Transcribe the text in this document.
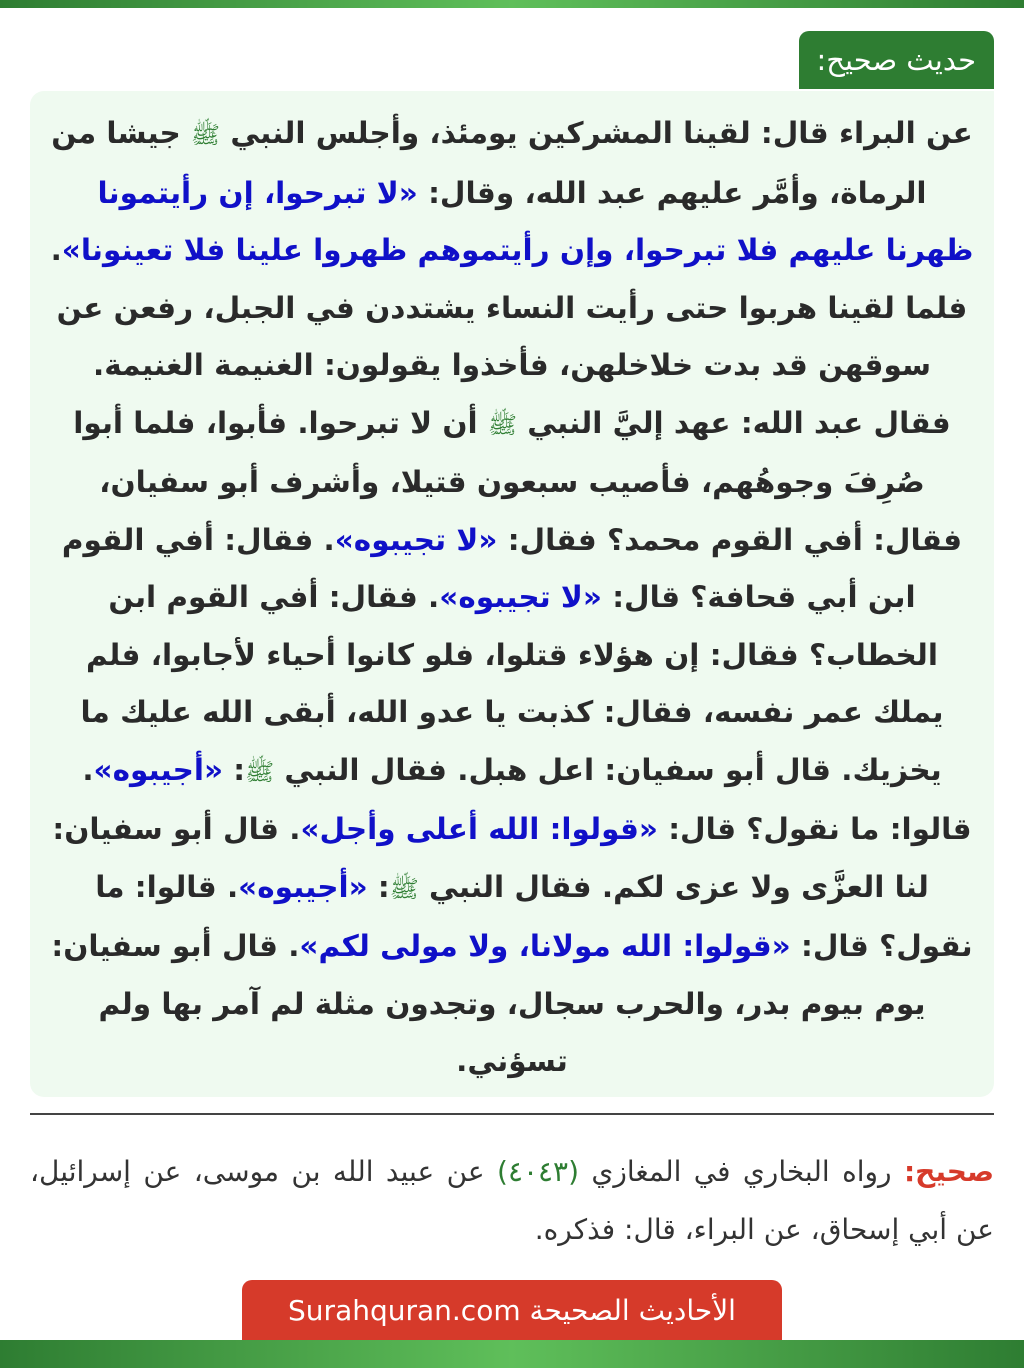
حديث صحيح:

عن البراء قال: لقينا المشركين يومئذ، وأجلس النبي ﷺ جيشا من الرماة، وأمَّر عليهم عبد الله، وقال: «لا تبرحوا، إن رأيتمونا ظهرنا عليهم فلا تبرحوا، وإن رأيتموهم ظهروا علينا فلا تعينونا». فلما لقينا هربوا حتى رأيت النساء يشتددن في الجبل، رفعن عن سوقهن قد بدت خلاخلهن، فأخذوا يقولون: الغنيمة الغنيمة. فقال عبد الله: عهد إليَّ النبي ﷺ أن لا تبرحوا. فأبوا، فلما أبوا صُرِفَ وجوهُهم، فأصيب سبعون قتيلا، وأشرف أبو سفيان، فقال: أفي القوم محمد؟ فقال: «لا تجيبوه». فقال: أفي القوم ابن أبي قحافة؟ قال: «لا تجيبوه». فقال: أفي القوم ابن الخطاب؟ فقال: إن هؤلاء قتلوا، فلو كانوا أحياء لأجابوا، فلم يملك عمر نفسه، فقال: كذبت يا عدو الله، أبقى الله عليك ما يخزيك. قال أبو سفيان: اعل هبل. فقال النبي ﷺ: «أجيبوه». قالوا: ما نقول؟ قال: «قولوا: الله أعلى وأجل». قال أبو سفيان: لنا العزَّى ولا عزى لكم. فقال النبي ﷺ: «أجيبوه». قالوا: ما نقول؟ قال: «قولوا: الله مولانا، ولا مولى لكم». قال أبو سفيان: يوم بيوم بدر، والحرب سجال، وتجدون مثلة لم آمر بها ولم تسؤني.

صحيح: رواه البخاري في المغازي (٤٠٤٣) عن عبيد الله بن موسى، عن إسرائيل، عن أبي إسحاق، عن البراء، قال: فذكره.

الأحاديث الصحيحة Surahquran.com
